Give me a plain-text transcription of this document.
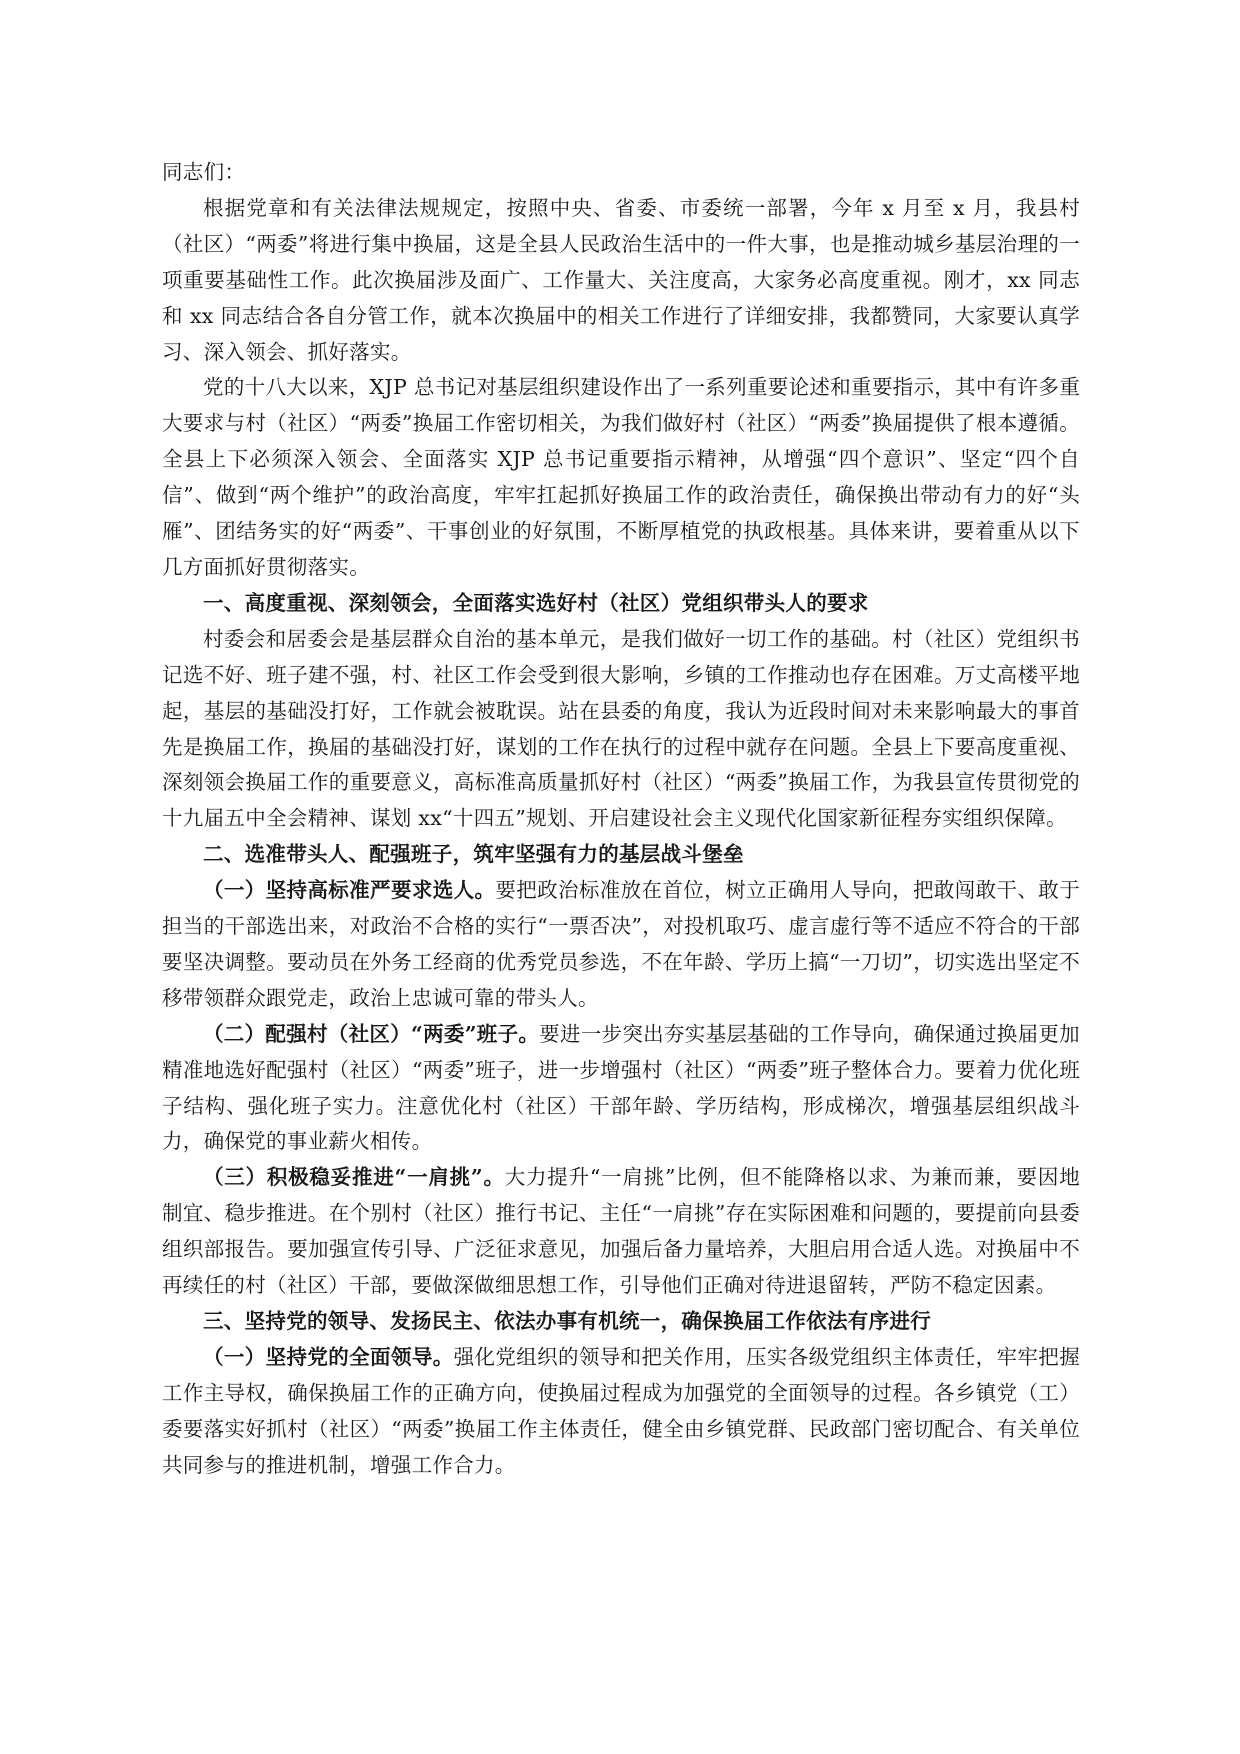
同志们：

根据党章和有关法律法规规定，按照中央、省委、市委统一部署，今年 x 月至 x 月，我县村（社区）“两委”将进行集中换届，这是全县人民政治生活中的一件大事，也是推动城乡基层治理的一项重要基础性工作。此次换届涉及面广、工作量大、关注度高，大家务必高度重视。刚才，xx 同志和 xx 同志结合各自分管工作，就本次换届中的相关工作进行了详细安排，我都赞同，大家要认真学习、深入领会、抓好落实。

党的十八大以来，XJP 总书记对基层组织建设作出了一系列重要论述和重要指示，其中有许多重大要求与村（社区）“两委”换届工作密切相关，为我们做好村（社区）“两委”换届提供了根本遵循。全县上下必须深入领会、全面落实 XJP 总书记重要指示精神，从增强“四个意识”、坚定“四个自信”、做到“两个维护”的政治高度，牢牢扛起抓好换届工作的政治责任，确保换出带动有力的好“头雁”、团结务实的好“两委”、干事创业的好氛围，不断厚植党的执政根基。具体来讲，要着重从以下几方面抓好贯彻落实。

一、高度重视、深刻领会，全面落实选好村（社区）党组织带头人的要求

村委会和居委会是基层群众自治的基本单元，是我们做好一切工作的基础。村（社区）党组织书记选不好、班子建不强，村、社区工作会受到很大影响，乡镇的工作推动也存在困难。万丈高楼平地起，基层的基础没打好，工作就会被耽误。站在县委的角度，我认为近段时间对未来影响最大的事首先是换届工作，换届的基础没打好，谋划的工作在执行的过程中就存在问题。全县上下要高度重视、深刻领会换届工作的重要意义，高标准高质量抓好村（社区）“两委”换届工作，为我县宣传贯彻党的十九届五中全会精神、谋划 xx“十四五”规划、开启建设社会主义现代化国家新征程夯实组织保障。

二、选准带头人、配强班子，筑牢坚强有力的基层战斗堡垒

（一）坚持高标准严要求选人。要把政治标准放在首位，树立正确用人导向，把敢闯敢干、敢于担当的干部选出来，对政治不合格的实行“一票否决”，对投机取巧、虚言虚行等不适应不符合的干部要坚决调整。要动员在外务工经商的优秀党员参选，不在年龄、学历上搞“一刀切”，切实选出坚定不移带领群众跟党走，政治上忠诚可靠的带头人。

（二）配强村（社区）“两委”班子。要进一步突出夯实基层基础的工作导向，确保通过换届更加精准地选好配强村（社区）“两委”班子，进一步增强村（社区）“两委”班子整体合力。要着力优化班子结构、强化班子实力。注意优化村（社区）干部年龄、学历结构，形成梯次，增强基层组织战斗力，确保党的事业薪火相传。

（三）积极稳妥推进“一肩挑”。大力提升“一肩挑”比例，但不能降格以求、为兼而兼，要因地制宜、稳步推进。在个别村（社区）推行书记、主任“一肩挑”存在实际困难和问题的，要提前向县委组织部报告。要加强宣传引导、广泛征求意见，加强后备力量培养，大胆启用合适人选。对换届中不再续任的村（社区）干部，要做深做细思想工作，引导他们正确对待进退留转，严防不稳定因素。

三、坚持党的领导、发扬民主、依法办事有机统一，确保换届工作依法有序进行

（一）坚持党的全面领导。强化党组织的领导和把关作用，压实各级党组织主体责任，牢牢把握工作主导权，确保换届工作的正确方向，使换届过程成为加强党的全面领导的过程。各乡镇党（工）委要落实好抓村（社区）“两委”换届工作主体责任，健全由乡镇党群、民政部门密切配合、有关单位共同参与的推进机制，增强工作合力。
